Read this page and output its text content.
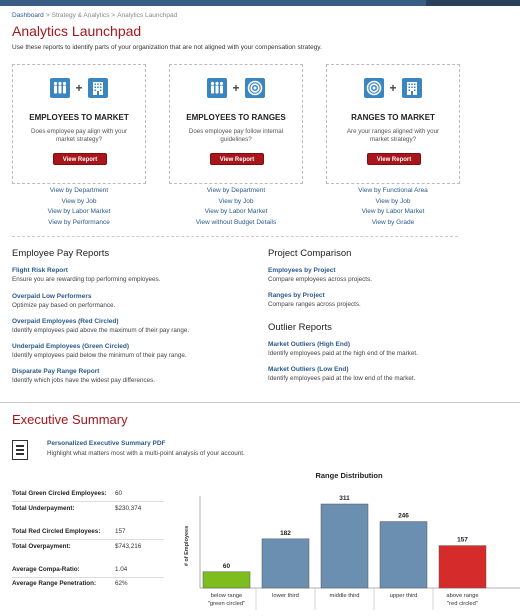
Dashboard > Strategy & Analytics > Analytics Launchpad
Analytics Launchpad
Use these reports to identify parts of your organization that are not aligned with your compensation strategy.
+
EMPLOYEES TO MARKET
Does employee pay align with your market strategy?
View Report
View by Department
View by Job
View by Labor Market
View by Performance
+
EMPLOYEES TO RANGES
Does employee pay follow internal guidelines?
View Report
View by Department
View by Job
View by Labor Market
View without Budget Details
+
RANGES TO MARKET
Are your ranges aligned with your market strategy?
View Report
View by Functional Area
View by Job
View by Labor Market
View by Grade
Employee Pay Reports
Flight Risk Report
Ensure you are rewarding top performing employees.
Overpaid Low Performers
Optimize pay based on performance.
Overpaid Employees (Red Circled)
Identify employees paid above the maximum of their pay range.
Underpaid Employees (Green Circled)
Identify employees paid below the minimum of their pay range.
Disparate Pay Range Report
Identify which jobs have the widest pay differences.
Project Comparison
Employees by Project
Compare employees across projects.
Ranges by Project
Compare ranges across projects.
Outlier Reports
Market Outliers (High End)
Identify employees paid at the high end of the market.
Market Outliers (Low End)
Identify employees paid at the low end of the market.
Executive Summary
Personalized Executive Summary PDF
Highlight what matters most with a multi-point analysis of your account.
Total Green Circled Employees: 60
Total Underpayment:	$230,374
Total Red Circled Employees: 157
Total Overpayment:	$743,216
Average Compa-Ratio:	1.04
Average Range Penetration:	62%
Range Distribution
# of Employees
60
below range
"green circled"
182
lower third
311
middle third
246
upper third
157
above range
"red circled"
